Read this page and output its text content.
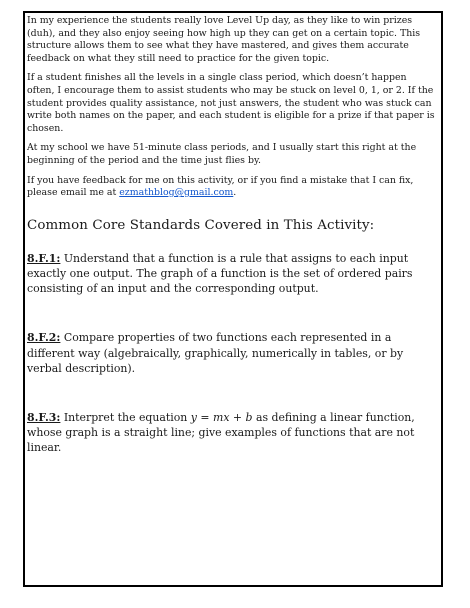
In my experience the students really love Level Up day, as they like to win prizes (duh), and they also enjoy seeing how high up they can get on a certain topic. This structure allows them to see what they have mastered, and gives them accurate feedback on what they still need to practice for the given topic.

If a student finishes all the levels in a single class period, which doesn’t happen often, I encourage them to assist students who may be stuck on level 0, 1, or 2. If the student provides quality assistance, not just answers, the student who was stuck can write both names on the paper, and each student is eligible for a prize if that paper is chosen.

At my school we have 51-minute class periods, and I usually start this right at the beginning of the period and the time just flies by.

If you have feedback for me on this activity, or if you find a mistake that I can fix, please email me at ezmathblog@gmail.com.

Common Core Standards Covered in This Activity:

8.F.1: Understand that a function is a rule that assigns to each input exactly one output. The graph of a function is the set of ordered pairs consisting of an input and the corresponding output.

8.F.2: Compare properties of two functions each represented in a different way (algebraically, graphically, numerically in tables, or by verbal description).

8.F.3: Interpret the equation y = mx + b as defining a linear function, whose graph is a straight line; give examples of functions that are not linear.
